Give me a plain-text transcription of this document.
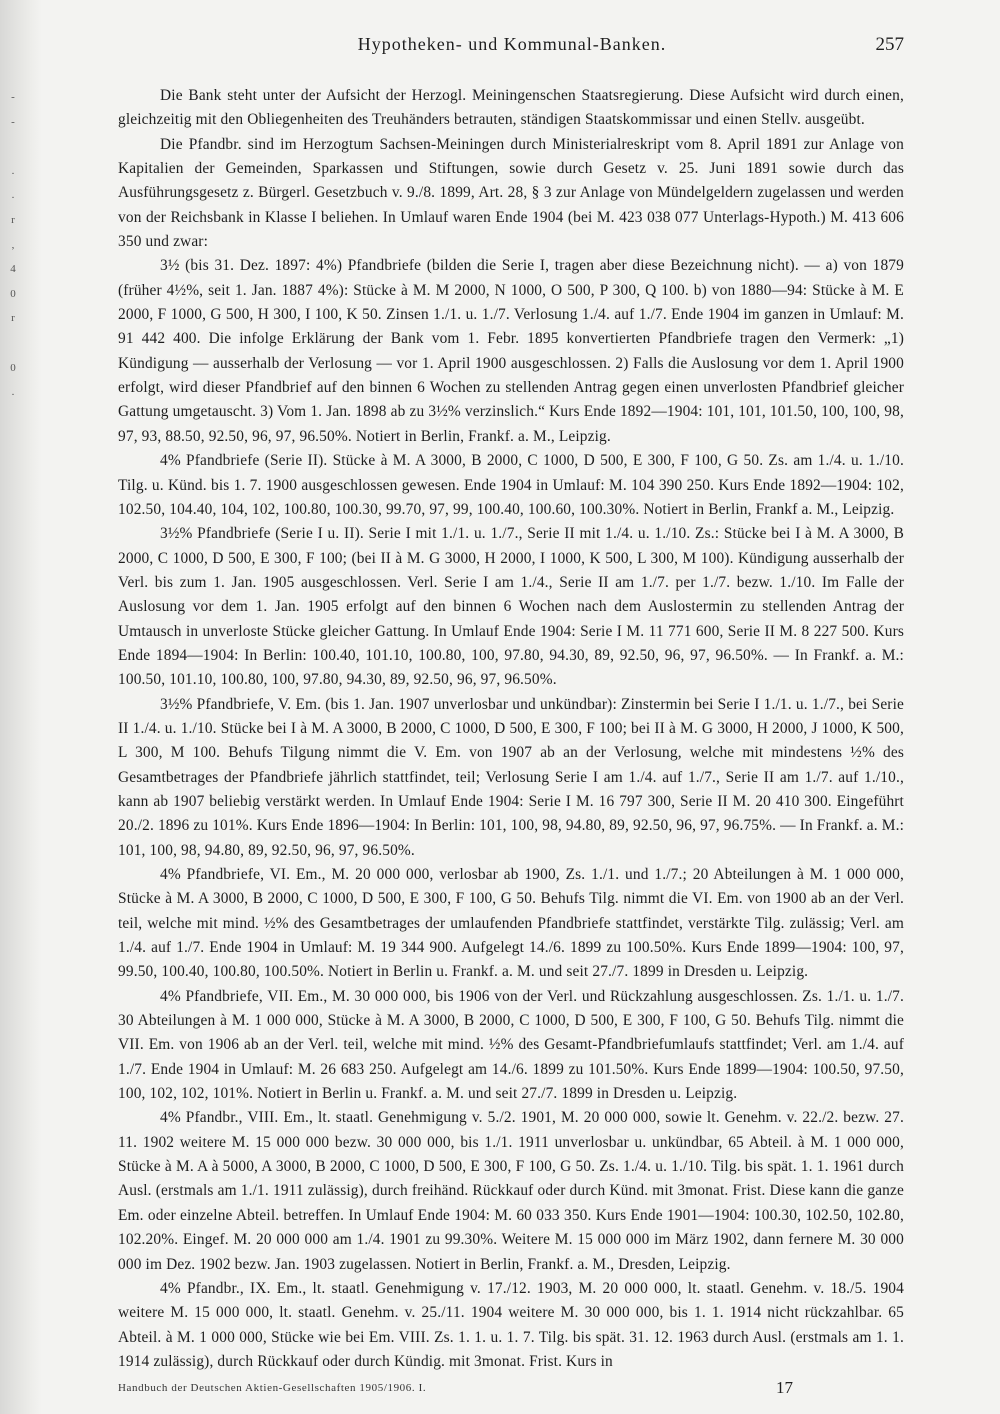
-
-
.
.
r
,
4
0
r
0
.
Hypotheken- und Kommunal-Banken.	257

Die Bank steht unter der Aufsicht der Herzogl. Meiningenschen Staatsregierung. Diese Aufsicht wird durch einen, gleichzeitig mit den Obliegenheiten des Treuhänders betrauten, ständigen Staatskommissar und einen Stellv. ausgeübt.

Die Pfandbr. sind im Herzogtum Sachsen-Meiningen durch Ministerialreskript vom 8. April 1891 zur Anlage von Kapitalien der Gemeinden, Sparkassen und Stiftungen, sowie durch Gesetz v. 25. Juni 1891 sowie durch das Ausführungsgesetz z. Bürgerl. Gesetzbuch v. 9./8. 1899, Art. 28, § 3 zur Anlage von Mündelgeldern zugelassen und werden von der Reichsbank in Klasse I beliehen. In Umlauf waren Ende 1904 (bei M. 423 038 077 Unterlags-Hypoth.) M. 413 606 350 und zwar:

3½ (bis 31. Dez. 1897: 4%) Pfandbriefe (bilden die Serie I, tragen aber diese Bezeichnung nicht). — a) von 1879 (früher 4½%, seit 1. Jan. 1887 4%): Stücke à M. M 2000, N 1000, O 500, P 300, Q 100. b) von 1880—94: Stücke à M. E 2000, F 1000, G 500, H 300, I 100, K 50. Zinsen 1./1. u. 1./7. Verlosung 1./4. auf 1./7. Ende 1904 im ganzen in Umlauf: M. 91 442 400. Die infolge Erklärung der Bank vom 1. Febr. 1895 konvertierten Pfandbriefe tragen den Vermerk: „1) Kündigung — ausserhalb der Verlosung — vor 1. April 1900 ausgeschlossen. 2) Falls die Auslosung vor dem 1. April 1900 erfolgt, wird dieser Pfandbrief auf den binnen 6 Wochen zu stellenden Antrag gegen einen unverlosten Pfandbrief gleicher Gattung umgetauscht. 3) Vom 1. Jan. 1898 ab zu 3½% verzinslich.“ Kurs Ende 1892—1904: 101, 101, 101.50, 100, 100, 98, 97, 93, 88.50, 92.50, 96, 97, 96.50%. Notiert in Berlin, Frankf. a. M., Leipzig.

4% Pfandbriefe (Serie II). Stücke à M. A 3000, B 2000, C 1000, D 500, E 300, F 100, G 50. Zs. am 1./4. u. 1./10. Tilg. u. Künd. bis 1. 7. 1900 ausgeschlossen gewesen. Ende 1904 in Umlauf: M. 104 390 250. Kurs Ende 1892—1904: 102, 102.50, 104.40, 104, 102, 100.80, 100.30, 99.70, 97, 99, 100.40, 100.60, 100.30%. Notiert in Berlin, Frankf a. M., Leipzig.

3½% Pfandbriefe (Serie I u. II). Serie I mit 1./1. u. 1./7., Serie II mit 1./4. u. 1./10. Zs.: Stücke bei I à M. A 3000, B 2000, C 1000, D 500, E 300, F 100; (bei II à M. G 3000, H 2000, I 1000, K 500, L 300, M 100). Kündigung ausserhalb der Verl. bis zum 1. Jan. 1905 ausgeschlossen. Verl. Serie I am 1./4., Serie II am 1./7. per 1./7. bezw. 1./10. Im Falle der Auslosung vor dem 1. Jan. 1905 erfolgt auf den binnen 6 Wochen nach dem Auslostermin zu stellenden Antrag der Umtausch in unverloste Stücke gleicher Gattung. In Umlauf Ende 1904: Serie I M. 11 771 600, Serie II M. 8 227 500. Kurs Ende 1894—1904: In Berlin: 100.40, 101.10, 100.80, 100, 97.80, 94.30, 89, 92.50, 96, 97, 96.50%. — In Frankf. a. M.: 100.50, 101.10, 100.80, 100, 97.80, 94.30, 89, 92.50, 96, 97, 96.50%.

3½% Pfandbriefe, V. Em. (bis 1. Jan. 1907 unverlosbar und unkündbar): Zinstermin bei Serie I 1./1. u. 1./7., bei Serie II 1./4. u. 1./10. Stücke bei I à M. A 3000, B 2000, C 1000, D 500, E 300, F 100; bei II à M. G 3000, H 2000, J 1000, K 500, L 300, M 100. Behufs Tilgung nimmt die V. Em. von 1907 ab an der Verlosung, welche mit mindestens ½% des Gesamtbetrages der Pfandbriefe jährlich stattfindet, teil; Verlosung Serie I am 1./4. auf 1./7., Serie II am 1./7. auf 1./10., kann ab 1907 beliebig verstärkt werden. In Umlauf Ende 1904: Serie I M. 16 797 300, Serie II M. 20 410 300. Eingeführt 20./2. 1896 zu 101%. Kurs Ende 1896—1904: In Berlin: 101, 100, 98, 94.80, 89, 92.50, 96, 97, 96.75%. — In Frankf. a. M.: 101, 100, 98, 94.80, 89, 92.50, 96, 97, 96.50%.

4% Pfandbriefe, VI. Em., M. 20 000 000, verlosbar ab 1900, Zs. 1./1. und 1./7.; 20 Abteilungen à M. 1 000 000, Stücke à M. A 3000, B 2000, C 1000, D 500, E 300, F 100, G 50. Behufs Tilg. nimmt die VI. Em. von 1900 ab an der Verl. teil, welche mit mind. ½% des Gesamtbetrages der umlaufenden Pfandbriefe stattfindet, verstärkte Tilg. zulässig; Verl. am 1./4. auf 1./7. Ende 1904 in Umlauf: M. 19 344 900. Aufgelegt 14./6. 1899 zu 100.50%. Kurs Ende 1899—1904: 100, 97, 99.50, 100.40, 100.80, 100.50%. Notiert in Berlin u. Frankf. a. M. und seit 27./7. 1899 in Dresden u. Leipzig.

4% Pfandbriefe, VII. Em., M. 30 000 000, bis 1906 von der Verl. und Rückzahlung ausgeschlossen. Zs. 1./1. u. 1./7. 30 Abteilungen à M. 1 000 000, Stücke à M. A 3000, B 2000, C 1000, D 500, E 300, F 100, G 50. Behufs Tilg. nimmt die VII. Em. von 1906 ab an der Verl. teil, welche mit mind. ½% des Gesamt-Pfandbriefumlaufs stattfindet; Verl. am 1./4. auf 1./7. Ende 1904 in Umlauf: M. 26 683 250. Aufgelegt am 14./6. 1899 zu 101.50%. Kurs Ende 1899—1904: 100.50, 97.50, 100, 102, 102, 101%. Notiert in Berlin u. Frankf. a. M. und seit 27./7. 1899 in Dresden u. Leipzig.

4% Pfandbr., VIII. Em., lt. staatl. Genehmigung v. 5./2. 1901, M. 20 000 000, sowie lt. Genehm. v. 22./2. bezw. 27. 11. 1902 weitere M. 15 000 000 bezw. 30 000 000, bis 1./1. 1911 unverlosbar u. unkündbar, 65 Abteil. à M. 1 000 000, Stücke à M. A à 5000, A 3000, B 2000, C 1000, D 500, E 300, F 100, G 50. Zs. 1./4. u. 1./10. Tilg. bis spät. 1. 1. 1961 durch Ausl. (erstmals am 1./1. 1911 zulässig), durch freihänd. Rückkauf oder durch Künd. mit 3monat. Frist. Diese kann die ganze Em. oder einzelne Abteil. betreffen. In Umlauf Ende 1904: M. 60 033 350. Kurs Ende 1901—1904: 100.30, 102.50, 102.80, 102.20%. Eingef. M. 20 000 000 am 1./4. 1901 zu 99.30%. Weitere M. 15 000 000 im März 1902, dann fernere M. 30 000 000 im Dez. 1902 bezw. Jan. 1903 zugelassen. Notiert in Berlin, Frankf. a. M., Dresden, Leipzig.

4% Pfandbr., IX. Em., lt. staatl. Genehmigung v. 17./12. 1903, M. 20 000 000, lt. staatl. Genehm. v. 18./5. 1904 weitere M. 15 000 000, lt. staatl. Genehm. v. 25./11. 1904 weitere M. 30 000 000, bis 1. 1. 1914 nicht rückzahlbar. 65 Abteil. à M. 1 000 000, Stücke wie bei Em. VIII. Zs. 1. 1. u. 1. 7. Tilg. bis spät. 31. 12. 1963 durch Ausl. (erstmals am 1. 1. 1914 zulässig), durch Rückkauf oder durch Kündig. mit 3monat. Frist. Kurs in

Handbuch der Deutschen Aktien-Gesellschaften 1905/1906. I.	17
